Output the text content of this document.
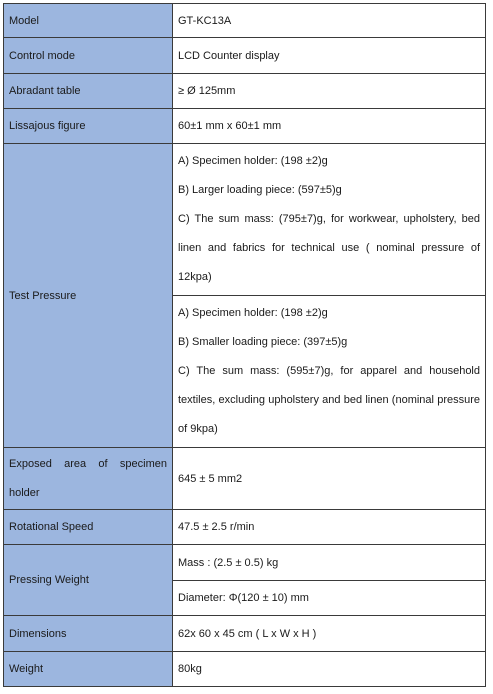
Model	GT-KC13A
Control mode	LCD Counter display
Abradant table	≥ Ø 125mm
Lissajous figure	60±1 mm x 60±1 mm
Test Pressure	A) Specimen holder: (198 ±2)g
B) Larger loading piece: (597±5)g
C) The sum mass: (795±7)g, for workwear, upholstery, bed linen and fabrics for technical use ( nominal pressure of 12kpa)

	A) Specimen holder: (198 ±2)g
B) Smaller loading piece: (397±5)g
C) The sum mass: (595±7)g, for apparel and household textiles, excluding upholstery and bed linen (nominal pressure of 9kpa)

Exposed area of specimen holder	645 ± 5 mm2
Rotational Speed	47.5 ± 2.5 r/min
Pressing Weight	Mass : (2.5 ± 0.5) kg
	Diameter: Φ(120 ± 10) mm
Dimensions	62x 60 x 45 cm ( L x W x H )
Weight	80kg
